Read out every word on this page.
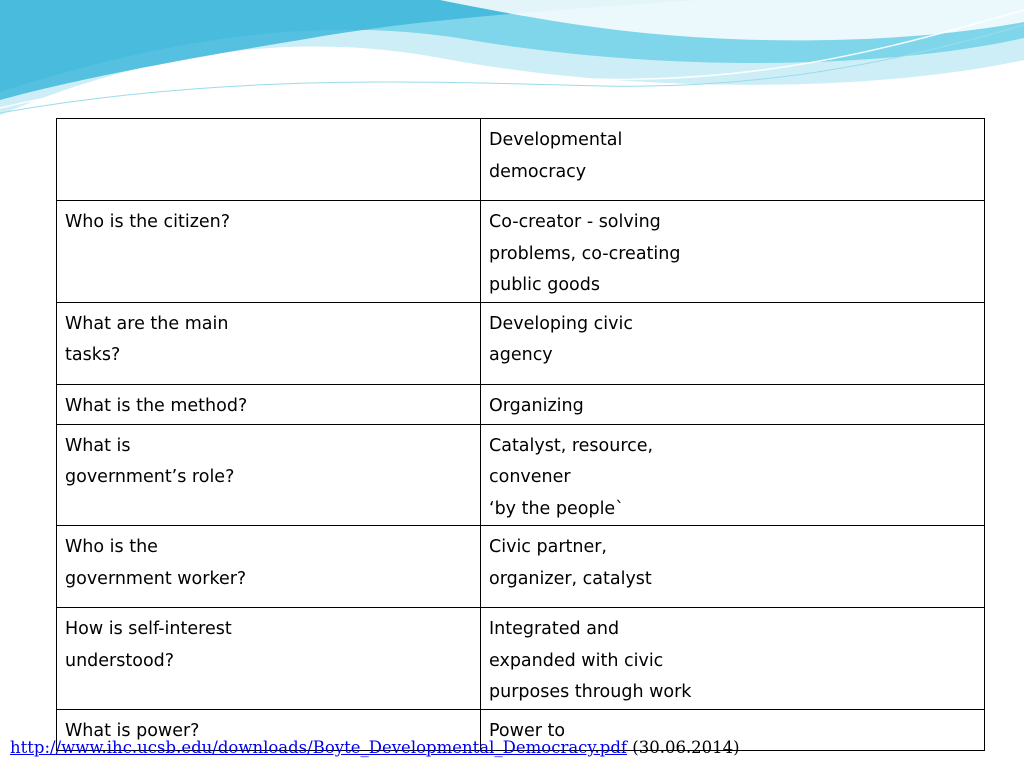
	Developmental
democracy
Who is the citizen?	Co-creator - solving
problems, co-creating
public goods
What are the main
tasks?	Developing civic
agency
What is the method?	Organizing
What is
government’s role?	Catalyst, resource,
convener
‘by the people`
Who is the
government worker?	Civic partner,
organizer, catalyst
How is self-interest
understood?	Integrated and
expanded with civic
purposes through work
What is power?	Power to
http://www.ihc.ucsb.edu/downloads/Boyte_Developmental_Democracy.pdf (30.06.2014)
